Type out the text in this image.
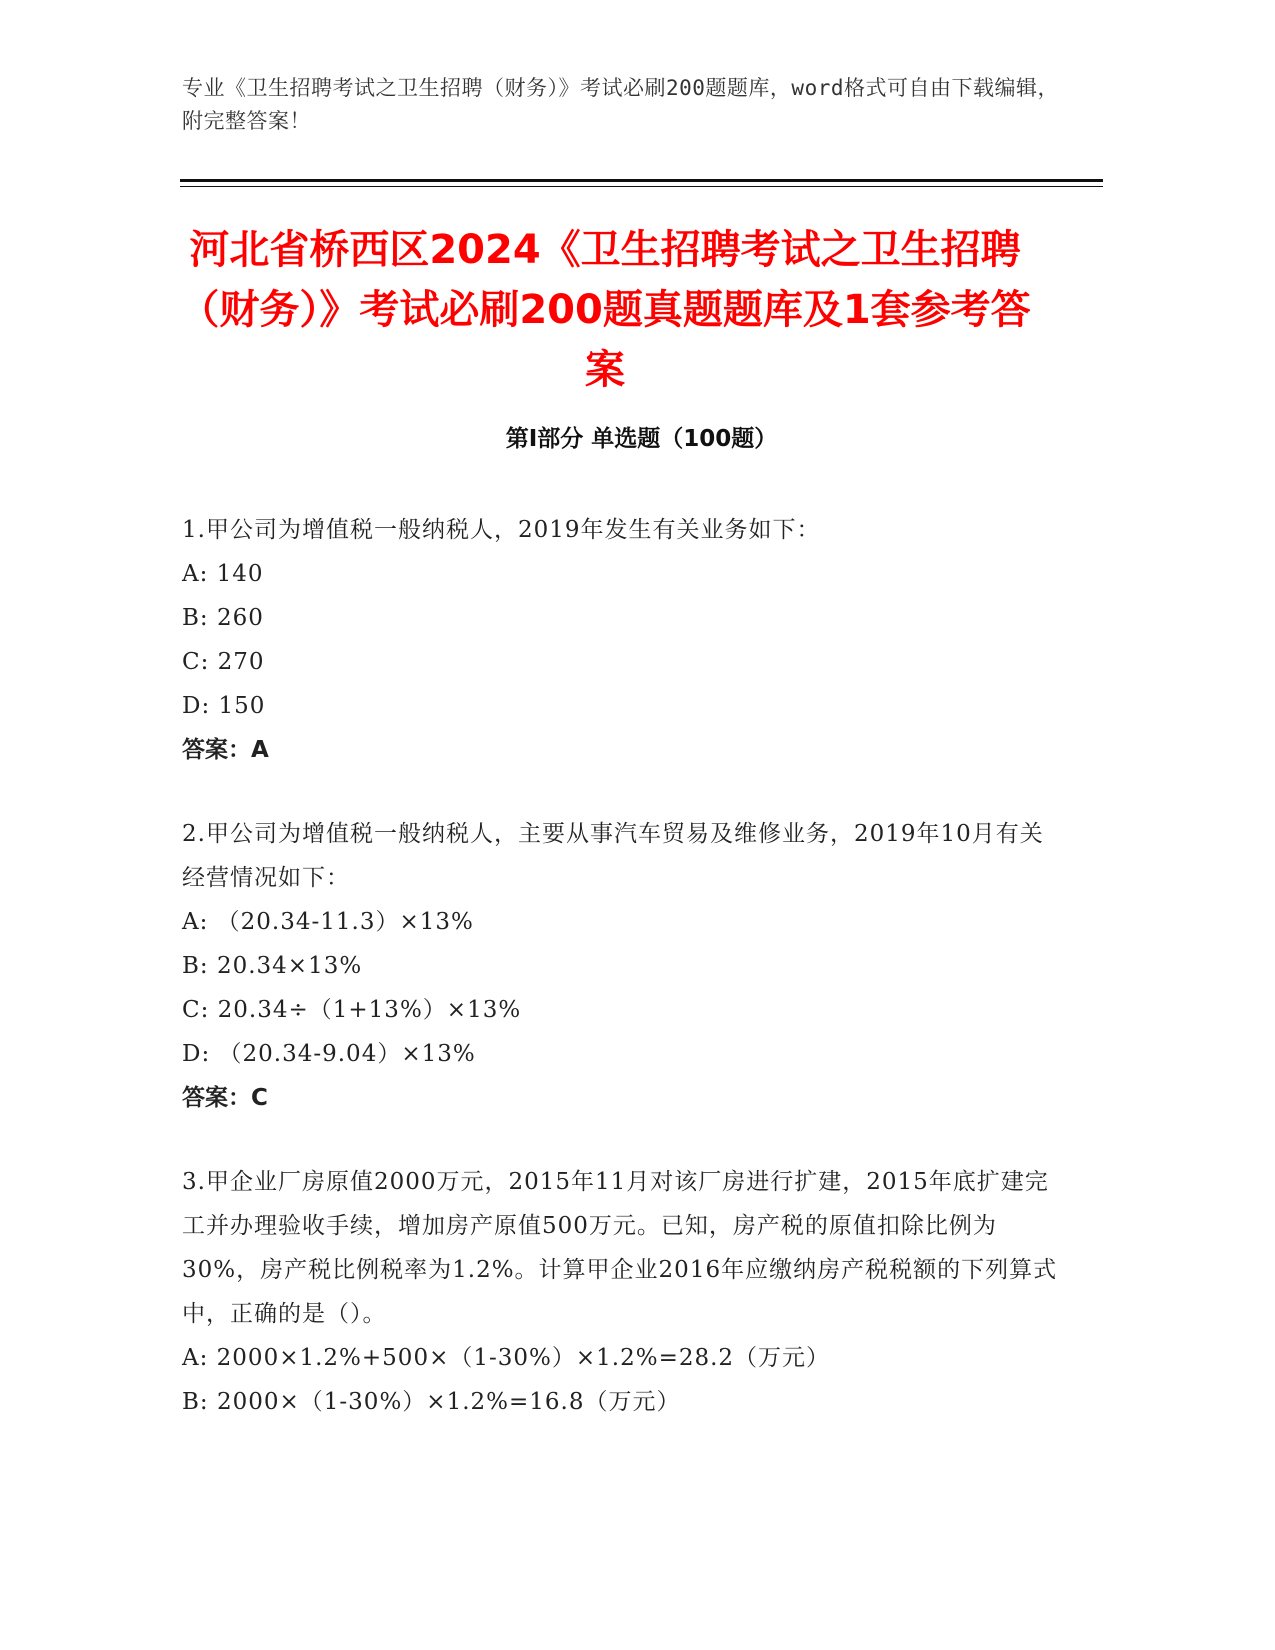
专业《卫生招聘考试之卫生招聘（财务）》考试必刷200题题库，word格式可自由下载编辑，附完整答案！
河北省桥西区2024《卫生招聘考试之卫生招聘（财务）》考试必刷200题真题题库及1套参考答案
第Ⅰ部分 单选题（100题）
1.甲公司为增值税一般纳税人，2019年发生有关业务如下：
A: 140
B: 260
C: 270
D: 150
答案：A
2.甲公司为增值税一般纳税人，主要从事汽车贸易及维修业务，2019年10月有关经营情况如下：
A: （20.34-11.3）×13%
B: 20.34×13%
C: 20.34÷（1+13%）×13%
D: （20.34-9.04）×13%
答案：C
3.甲企业厂房原值2000万元，2015年11月对该厂房进行扩建，2015年底扩建完工并办理验收手续，增加房产原值500万元。已知，房产税的原值扣除比例为30%，房产税比例税率为1.2%。计算甲企业2016年应缴纳房产税税额的下列算式中，正确的是（）。
A: 2000×1.2%+500×（1-30%）×1.2%=28.2（万元）
B: 2000×（1-30%）×1.2%=16.8（万元）
